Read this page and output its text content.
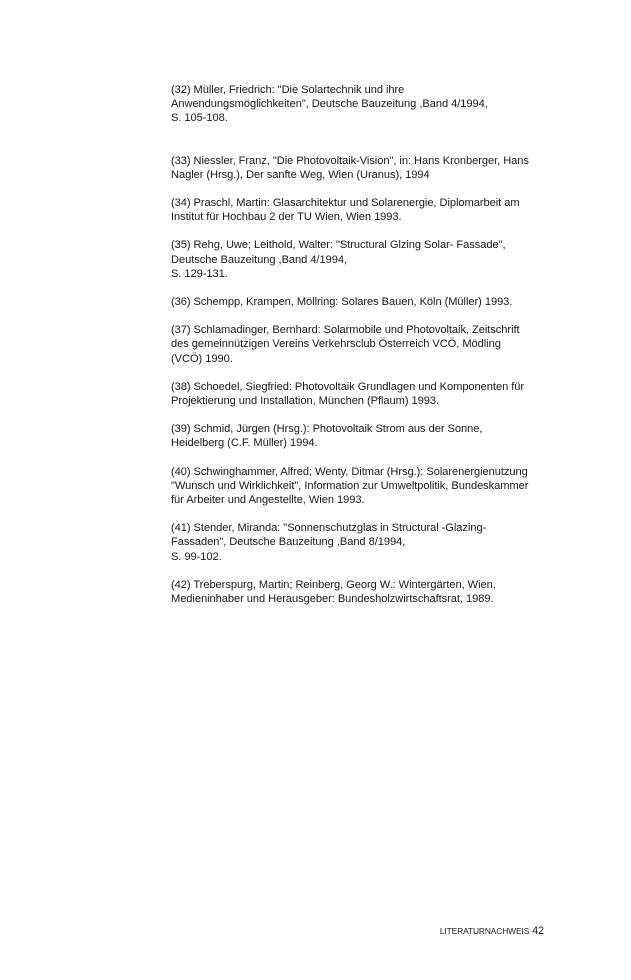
(32) Müller, Friedrich: "Die Solartechnik und ihre
Anwendungsmöglichkeiten", Deutsche Bauzeitung ,Band 4/1994,
S. 105-108.

(33) Niessler, Franz, "Die Photovoltaik-Vision", in: Hans Kronberger, Hans
Nagler (Hrsg.), Der sanfte Weg, Wien (Uranus), 1994

(34) Praschl, Martin: Glasarchitektur und Solarenergie, Diplomarbeit am
Institut für Hochbau 2 der TU Wien, Wien 1993.

(35) Rehg, Uwe; Leithold, Walter: "Structural Glzing Solar- Fassade",
Deutsche Bauzeitung ,Band 4/1994,
S. 129-131.

(36) Schempp, Krampen, Möllring: Solares Bauen, Köln (Müller) 1993.

(37) Schlamadinger, Bernhard: Solarmobile und Photovoltaik, Zeitschrift
des gemeinnützigen Vereins Verkehrsclub Österreich VCÖ, Mödling
(VCÖ) 1990.

(38) Schoedel, Siegfried: Photovoltaik Grundlagen und Komponenten für
Projektierung und Installation, München (Pflaum) 1993.

(39) Schmid, Jürgen (Hrsg.): Photovoltaik Strom aus der Sonne,
Heidelberg (C.F. Müller) 1994.

(40) Schwinghammer, Alfred; Wenty, Ditmar (Hrsg.): Solarenergienutzung
"Wunsch und Wirklichkeit", Information zur Umweltpolitik, Bundeskammer
für Arbeiter und Angestellte, Wien 1993.

(41) Stender, Miranda: "Sonnenschutzglas in Structural -Glazing-
Fassaden", Deutsche Bauzeitung ,Band 8/1994,
S. 99-102.

(42) Treberspurg, Martin; Reinberg, Georg W.: Wintergärten, Wien,
Medieninhaber und Herausgeber: Bundesholzwirtschaftsrat, 1989.

LITERATURNACHWEIS 42
